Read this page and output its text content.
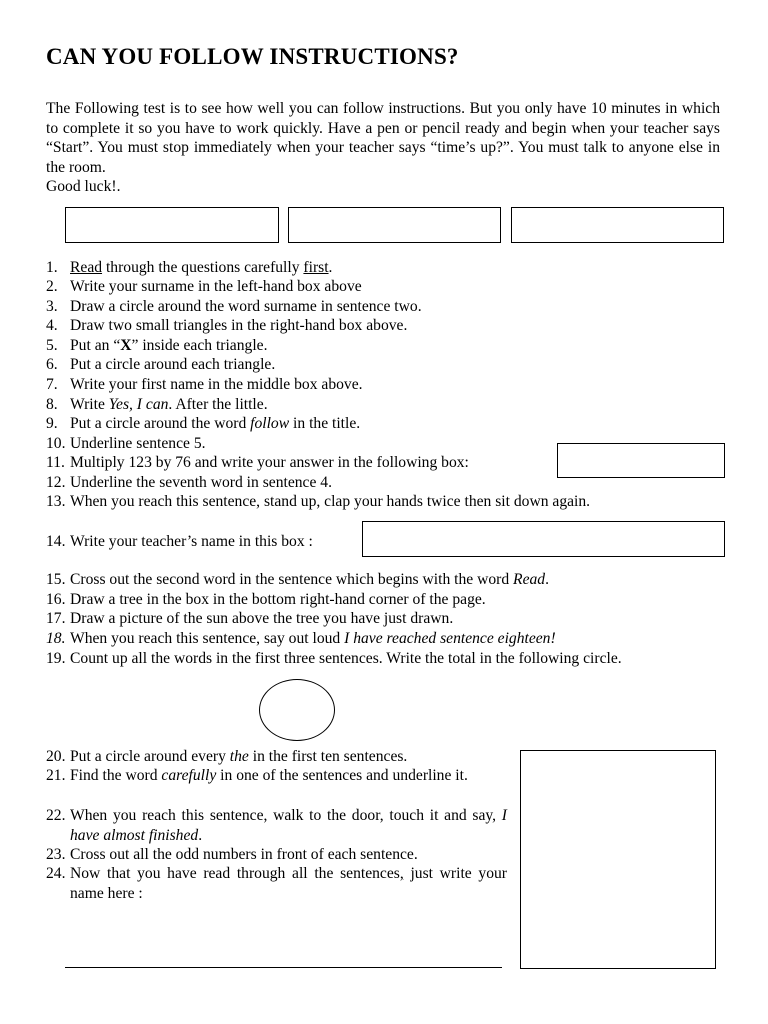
CAN YOU FOLLOW INSTRUCTIONS?
The Following test is to see how well you can follow instructions. But you only have 10 minutes in which to complete it so you have to work quickly. Have a pen or pencil ready and begin when your teacher says “Start”. You must stop immediately when your teacher says “time’s up?”. You must talk to anyone else in the room.
Good luck!.
1. Read through the questions carefully first.
2. Write your surname in the left-hand box above
3. Draw a circle around the word surname in sentence two.
4. Draw two small triangles in the right-hand box above.
5. Put an “X” inside each triangle.
6. Put a circle around each triangle.
7. Write your first name in the middle box above.
8. Write Yes, I can. After the little.
9. Put a circle around the word follow in the title.
10. Underline sentence 5.
11. Multiply 123 by 76 and write your answer in the following box:
12. Underline the seventh word in sentence 4.
13. When you reach this sentence, stand up, clap your hands twice then sit down again.
14. Write your teacher’s name in this box :
15. Cross out the second word in the sentence which begins with the word Read.
16. Draw a tree in the box in the bottom right-hand corner of the page.
17. Draw a picture of the sun above the tree you have just drawn.
18. When you reach this sentence, say out loud I have reached sentence eighteen!
19. Count up all the words in the first three sentences. Write the total in the following circle.
20. Put a circle around every the in the first ten sentences.
21. Find the word carefully in one of the sentences and underline it.
22. When you reach this sentence, walk to the door, touch it and say, I have almost finished.
23. Cross out all the odd numbers in front of each sentence.
24. Now that you have read through all the sentences, just write your name here :
